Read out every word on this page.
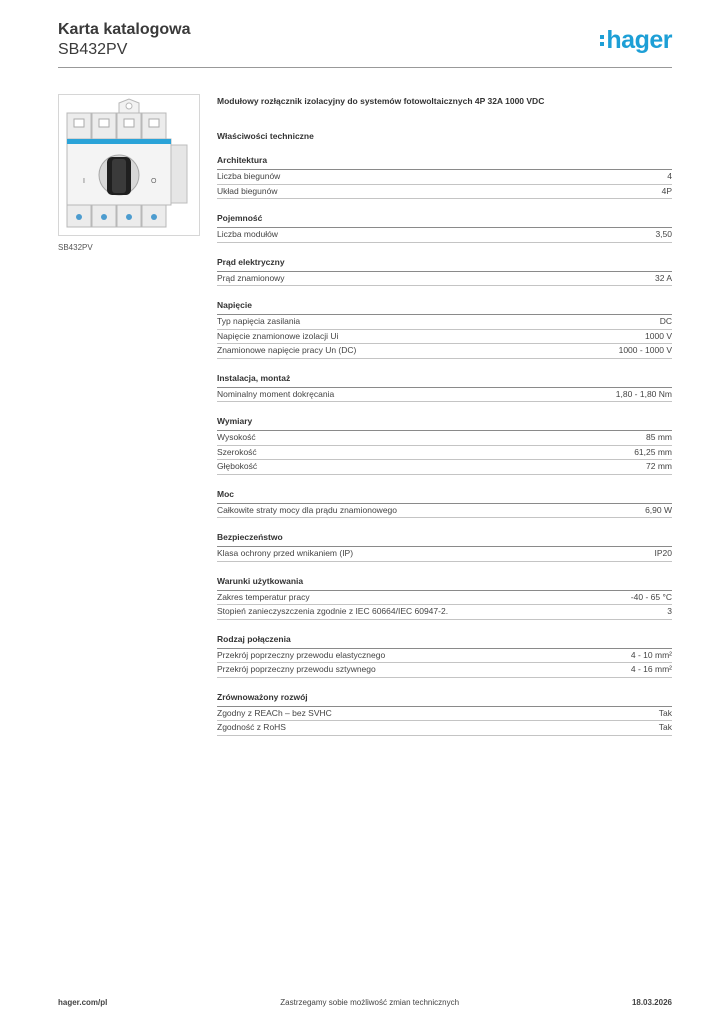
Karta katalogowa
SB432PV	hager
I	O
SB432PV
Modułowy rozłącznik izolacyjny do systemów fotowoltaicznych 4P 32A 1000 VDC
Właściwości techniczne
Architektura
Liczba biegunów	4
Układ biegunów	4P
Pojemność
Liczba modułów	3,50
Prąd elektryczny
Prąd znamionowy	32 A
Napięcie
Typ napięcia zasilania	DC
Napięcie znamionowe izolacji Ui	1000 V
Znamionowe napięcie pracy Un (DC)	1000 - 1000 V
Instalacja, montaż
Nominalny moment dokręcania	1,80 - 1,80 Nm
Wymiary
Wysokość	85 mm
Szerokość	61,25 mm
Głębokość	72 mm
Moc
Całkowite straty mocy dla prądu znamionowego	6,90 W
Bezpieczeństwo
Klasa ochrony przed wnikaniem (IP)	IP20
Warunki użytkowania
Zakres temperatur pracy	-40 - 65 °C
Stopień zanieczyszczenia zgodnie z IEC 60664/IEC 60947-2.	3
Rodzaj połączenia
Przekrój poprzeczny przewodu elastycznego	4 - 10 mm²
Przekrój poprzeczny przewodu sztywnego	4 - 16 mm²
Zrównoważony rozwój
Zgodny z REACh – bez SVHC	Tak
Zgodność z RoHS	Tak
hager.com/pl	Zastrzegamy sobie możliwość zmian technicznych	18.03.2026
